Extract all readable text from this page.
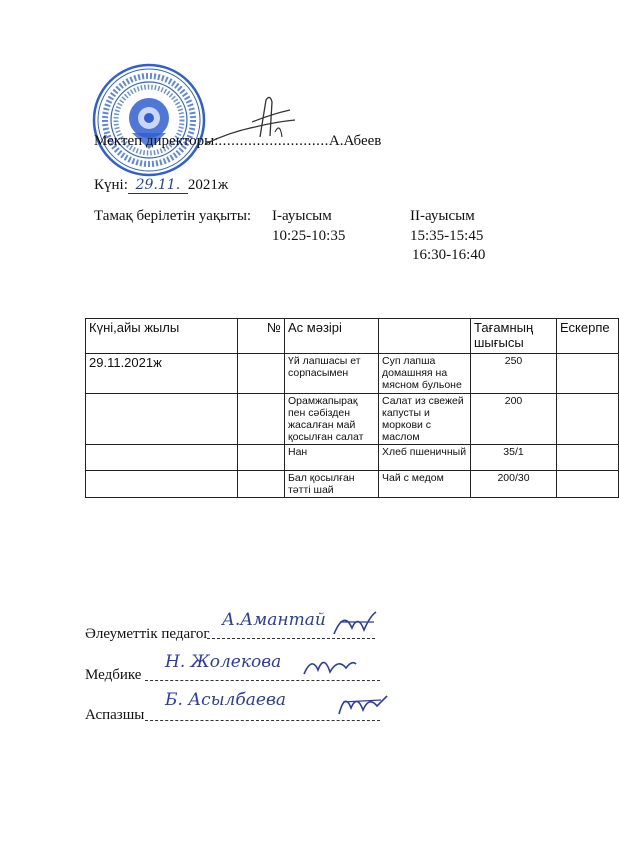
Мектеп директоры:..........................А.Абеев
Күні: 29.11. 2021ж
Тамақ берілетін уақыты: I-ауысым
10:25-10:35
II-ауысым
15:35-15:45
16:30-16:40
Күні,айы жылы	№	Ас мәзірі		Тағамның шығысы	Ескерпе
29.11.2021ж		Үй лапшасы ет сорпасымен	Суп лапша домашняя на мясном бульоне	250	
		Орамжапырақ пен сәбізден жасалған май қосылған салат	Салат из свежей капусты и моркови с маслом	200	
		Нан	Хлеб пшеничный	35/1	
		Бал қосылған тәтті шай	Чай с медом	200/30	
Әлеуметтік педагог
А.Амантай
Медбике
Н. Жолекова
Аспазшы
Б. Асылбаева
